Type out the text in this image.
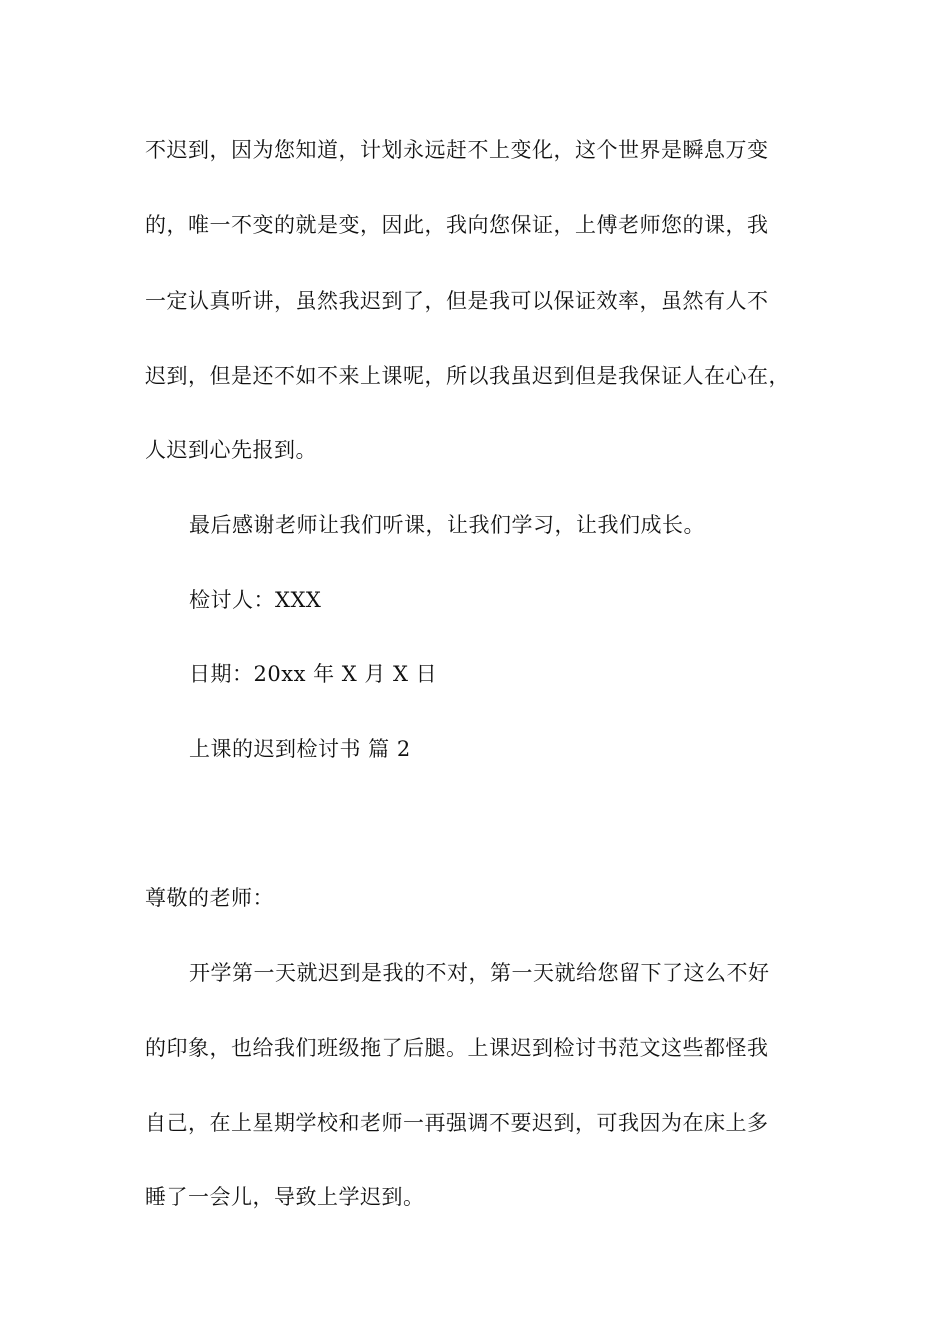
不迟到，因为您知道，计划永远赶不上变化，这个世界是瞬息万变
的，唯一不变的就是变，因此，我向您保证，上傅老师您的课，我
一定认真听讲，虽然我迟到了，但是我可以保证效率，虽然有人不
迟到，但是还不如不来上课呢，所以我虽迟到但是我保证人在心在，
人迟到心先报到。
最后感谢老师让我们听课，让我们学习，让我们成长。
检讨人：XXX
日期：20xx 年 X 月 X 日
上课的迟到检讨书 篇 2
尊敬的老师：
开学第一天就迟到是我的不对，第一天就给您留下了这么不好
的印象，也给我们班级拖了后腿。上课迟到检讨书范文这些都怪我
自己，在上星期学校和老师一再强调不要迟到，可我因为在床上多
睡了一会儿，导致上学迟到。
